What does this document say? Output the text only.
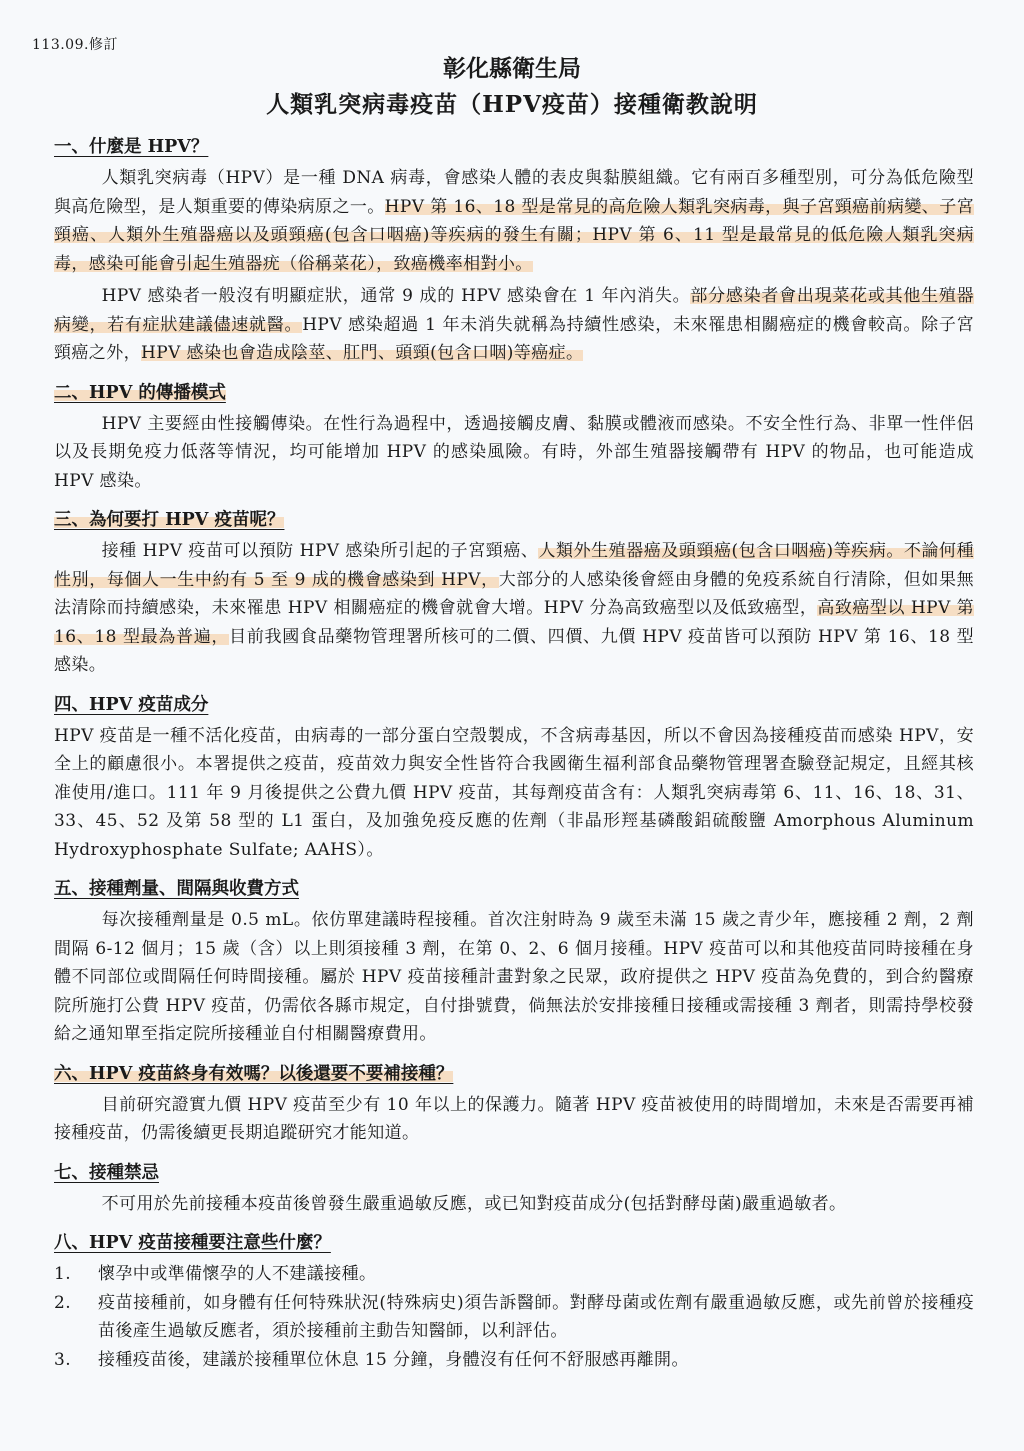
113.09.修訂
彰化縣衛生局
人類乳突病毒疫苗（HPV疫苗）接種衛教說明
一、什麼是 HPV？
人類乳突病毒（HPV）是一種 DNA 病毒，會感染人體的表皮與黏膜組織。它有兩百多種型別，可分為低危險型與高危險型，是人類重要的傳染病原之一。HPV 第 16、18 型是常見的高危險人類乳突病毒，與子宮頸癌前病變、子宮頸癌、人類外生殖器癌以及頭頸癌(包含口咽癌)等疾病的發生有關；HPV 第 6、11 型是最常見的低危險人類乳突病毒，感染可能會引起生殖器疣（俗稱菜花），致癌機率相對小。
HPV 感染者一般沒有明顯症狀，通常 9 成的 HPV 感染會在 1 年內消失。部分感染者會出現菜花或其他生殖器病變，若有症狀建議儘速就醫。HPV 感染超過 1 年未消失就稱為持續性感染，未來罹患相關癌症的機會較高。除子宮頸癌之外，HPV 感染也會造成陰莖、肛門、頭頸(包含口咽)等癌症。
二、HPV 的傳播模式
HPV 主要經由性接觸傳染。在性行為過程中，透過接觸皮膚、黏膜或體液而感染。不安全性行為、非單一性伴侶以及長期免疫力低落等情況，均可能增加 HPV 的感染風險。有時，外部生殖器接觸帶有 HPV 的物品，也可能造成 HPV 感染。
三、為何要打 HPV 疫苗呢？
接種 HPV 疫苗可以預防 HPV 感染所引起的子宮頸癌、人類外生殖器癌及頭頸癌(包含口咽癌)等疾病。不論何種性別，每個人一生中約有 5 至 9 成的機會感染到 HPV，大部分的人感染後會經由身體的免疫系統自行清除，但如果無法清除而持續感染，未來罹患 HPV 相關癌症的機會就會大增。HPV 分為高致癌型以及低致癌型，高致癌型以 HPV 第 16、18 型最為普遍，目前我國食品藥物管理署所核可的二價、四價、九價 HPV 疫苗皆可以預防 HPV 第 16、18 型感染。
四、HPV 疫苗成分
HPV 疫苗是一種不活化疫苗，由病毒的一部分蛋白空殼製成，不含病毒基因，所以不會因為接種疫苗而感染 HPV，安全上的顧慮很小。本署提供之疫苗，疫苗效力與安全性皆符合我國衛生福利部食品藥物管理署查驗登記規定，且經其核准使用/進口。111 年 9 月後提供之公費九價 HPV 疫苗，其每劑疫苗含有：人類乳突病毒第 6、11、16、18、31、33、45、52 及第 58 型的 L1 蛋白，及加強免疫反應的佐劑（非晶形羥基磷酸鋁硫酸鹽 Amorphous Aluminum Hydroxyphosphate Sulfate; AAHS）。
五、接種劑量、間隔與收費方式
每次接種劑量是 0.5 mL。依仿單建議時程接種。首次注射時為 9 歲至未滿 15 歲之青少年，應接種 2 劑，2 劑間隔 6-12 個月；15 歲（含）以上則須接種 3 劑，在第 0、2、6 個月接種。HPV 疫苗可以和其他疫苗同時接種在身體不同部位或間隔任何時間接種。屬於 HPV 疫苗接種計畫對象之民眾，政府提供之 HPV 疫苗為免費的，到合約醫療院所施打公費 HPV 疫苗，仍需依各縣市規定，自付掛號費，倘無法於安排接種日接種或需接種 3 劑者，則需持學校發給之通知單至指定院所接種並自付相關醫療費用。
六、HPV 疫苗終身有效嗎？以後還要不要補接種？
目前研究證實九價 HPV 疫苗至少有 10 年以上的保護力。隨著 HPV 疫苗被使用的時間增加，未來是否需要再補接種疫苗，仍需後續更長期追蹤研究才能知道。
七、接種禁忌
不可用於先前接種本疫苗後曾發生嚴重過敏反應，或已知對疫苗成分(包括對酵母菌)嚴重過敏者。
八、HPV 疫苗接種要注意些什麼？
1.	懷孕中或準備懷孕的人不建議接種。
2.	疫苗接種前，如身體有任何特殊狀況(特殊病史)須告訴醫師。對酵母菌或佐劑有嚴重過敏反應，或先前曾於接種疫苗後產生過敏反應者，須於接種前主動告知醫師，以利評估。
3.	接種疫苗後，建議於接種單位休息 15 分鐘，身體沒有任何不舒服感再離開。
